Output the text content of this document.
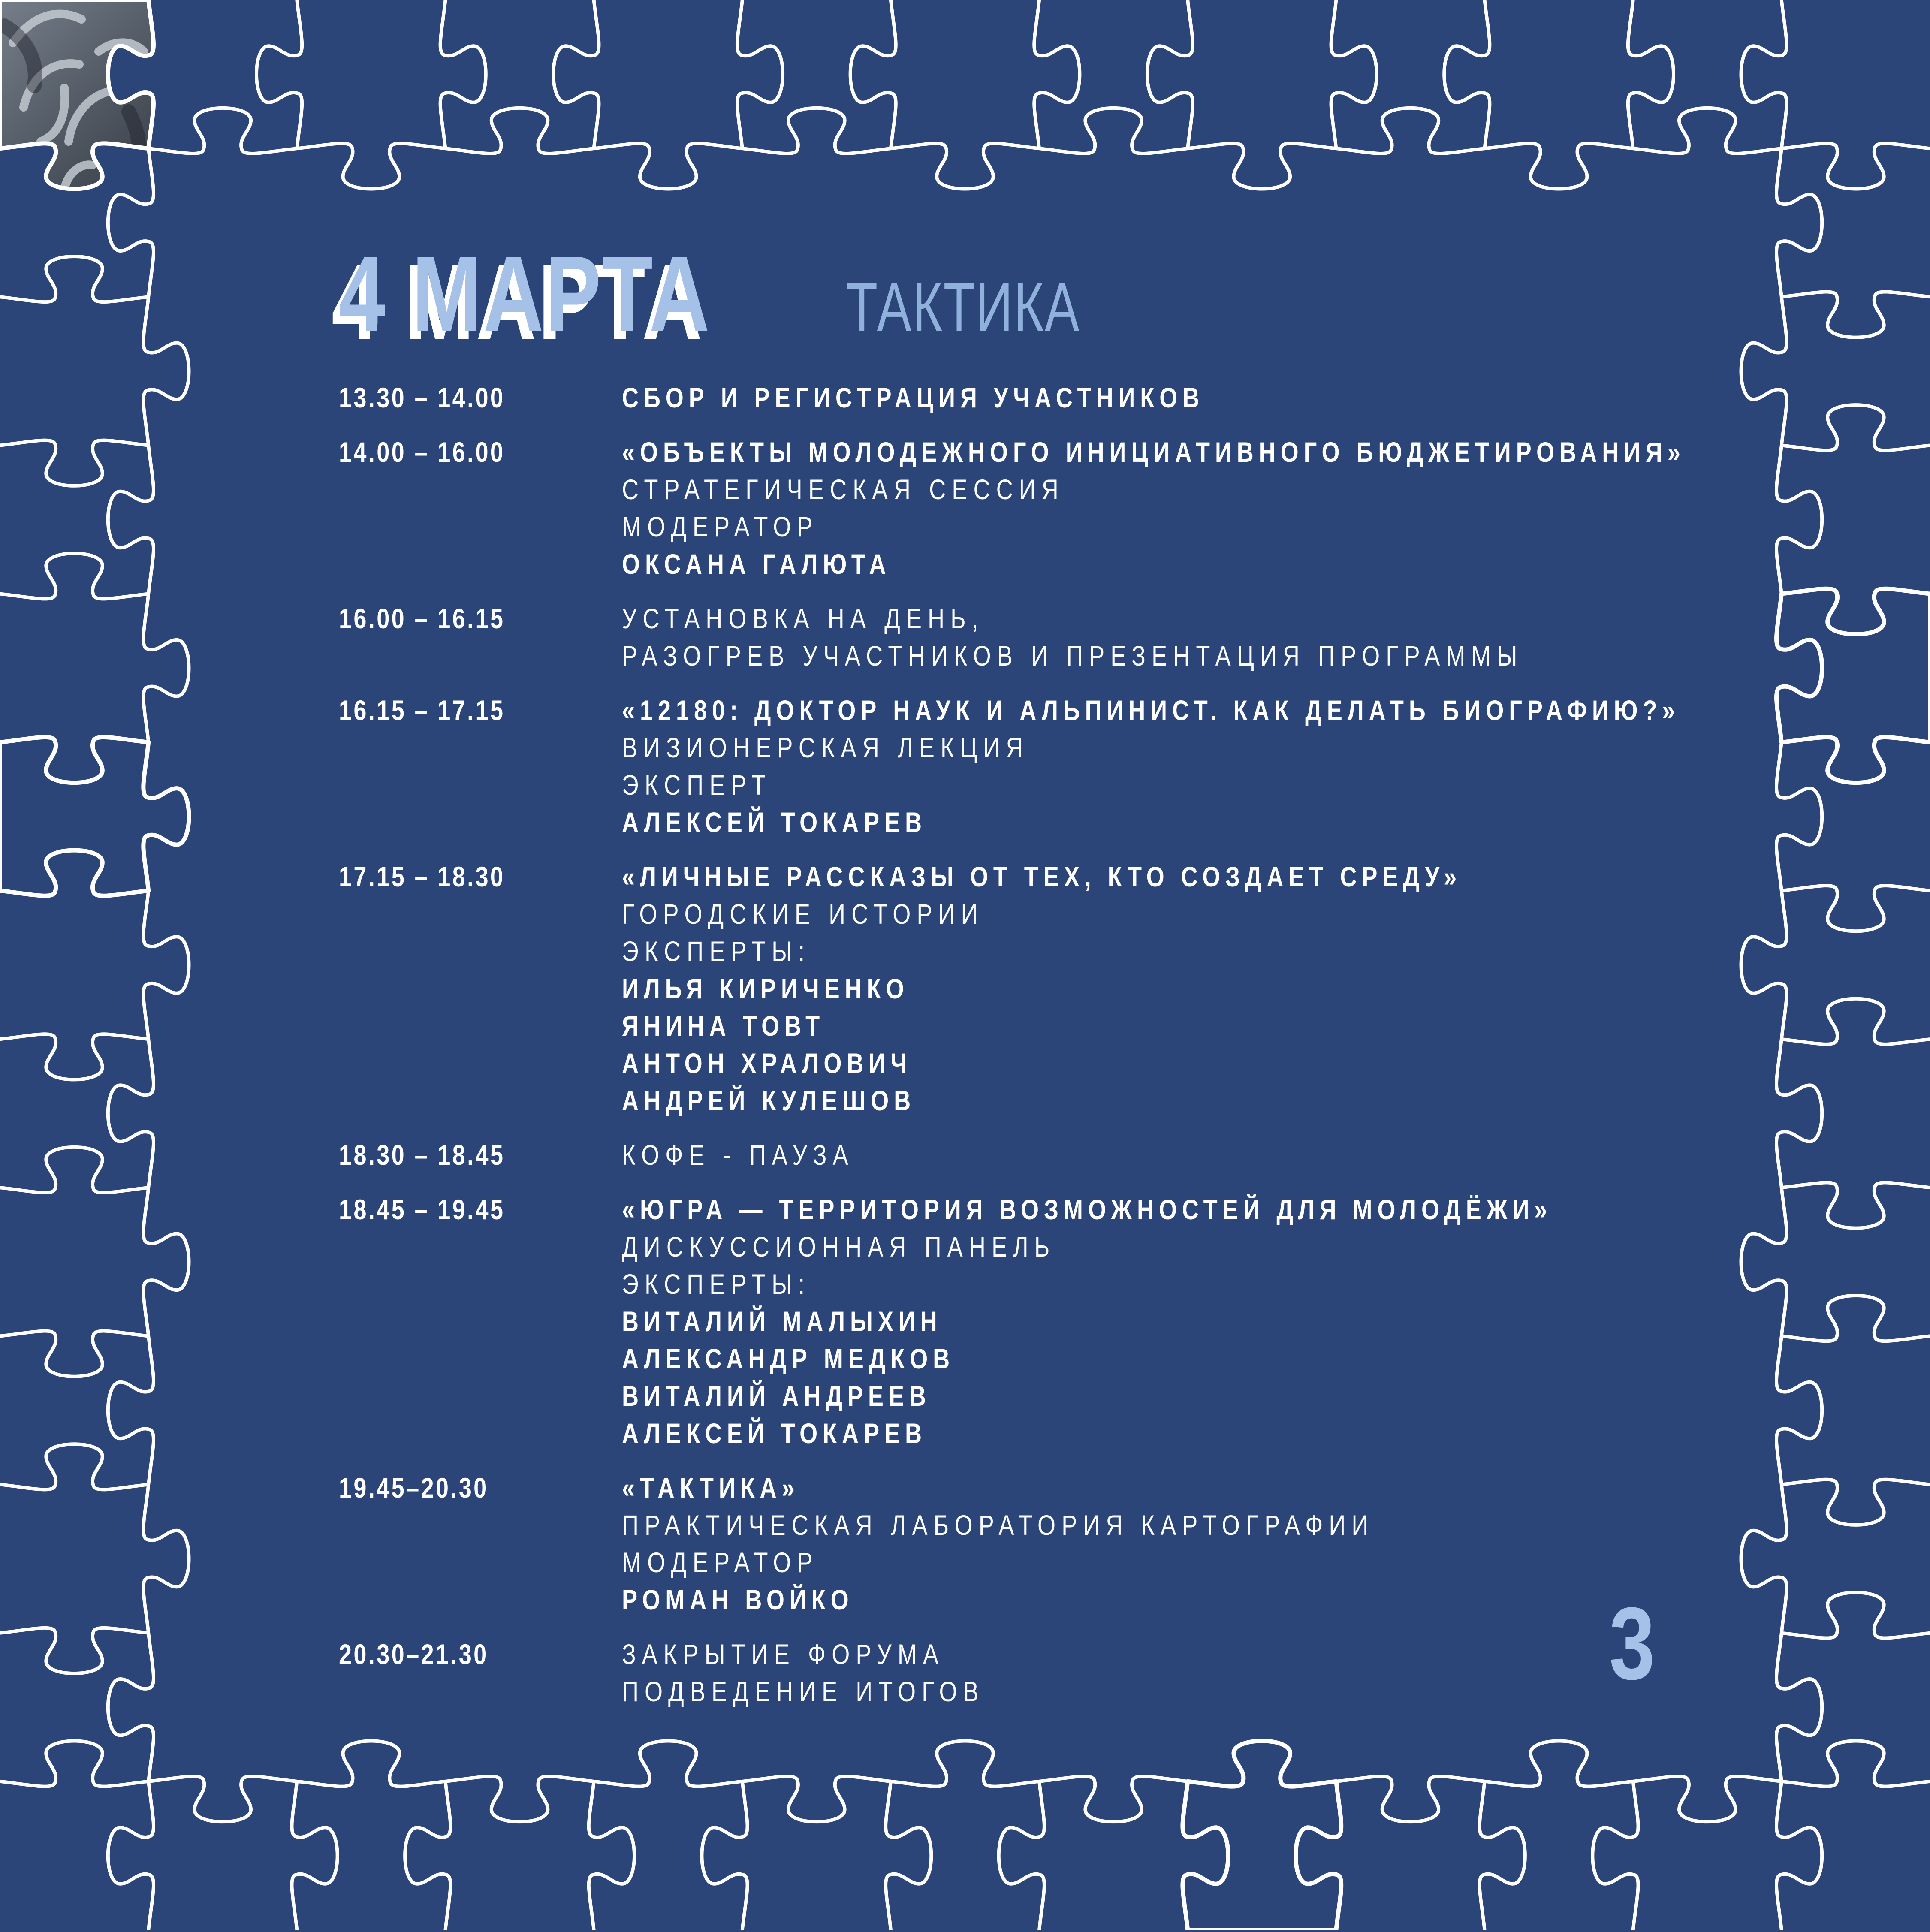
4 МАРТА	ТАКТИКА
13.30 – 14.00	СБОР И РЕГИСТРАЦИЯ УЧАСТНИКОВ
14.00 – 16.00	«ОБЪЕКТЫ МОЛОДЕЖНОГО ИНИЦИАТИВНОГО БЮДЖЕТИРОВАНИЯ»
СТРАТЕГИЧЕСКАЯ СЕССИЯ
МОДЕРАТОР
ОКСАНА ГАЛЮТА
16.00 – 16.15	УСТАНОВКА НА ДЕНЬ,
РАЗОГРЕВ УЧАСТНИКОВ И ПРЕЗЕНТАЦИЯ ПРОГРАММЫ
16.15 – 17.15	«12180: ДОКТОР НАУК И АЛЬПИНИСТ. КАК ДЕЛАТЬ БИОГРАФИЮ?»
ВИЗИОНЕРСКАЯ ЛЕКЦИЯ
ЭКСПЕРТ
АЛЕКСЕЙ ТОКАРЕВ
17.15 – 18.30	«ЛИЧНЫЕ РАССКАЗЫ ОТ ТЕХ, КТО СОЗДАЕТ СРЕДУ»
ГОРОДСКИЕ ИСТОРИИ
ЭКСПЕРТЫ:
ИЛЬЯ КИРИЧЕНКО
ЯНИНА ТОВТ
АНТОН ХРАЛОВИЧ
АНДРЕЙ КУЛЕШОВ
18.30 – 18.45	КОФЕ - ПАУЗА
18.45 – 19.45	«ЮГРА — ТЕРРИТОРИЯ ВОЗМОЖНОСТЕЙ ДЛЯ МОЛОДЁЖИ»
ДИСКУССИОННАЯ ПАНЕЛЬ
ЭКСПЕРТЫ:
ВИТАЛИЙ МАЛЫХИН
АЛЕКСАНДР МЕДКОВ
ВИТАЛИЙ АНДРЕЕВ
АЛЕКСЕЙ ТОКАРЕВ
19.45–20.30	«ТАКТИКА»
ПРАКТИЧЕСКАЯ ЛАБОРАТОРИЯ КАРТОГРАФИИ
МОДЕРАТОР
РОМАН ВОЙКО
20.30–21.30	ЗАКРЫТИЕ ФОРУМА
ПОДВЕДЕНИЕ ИТОГОВ	3
